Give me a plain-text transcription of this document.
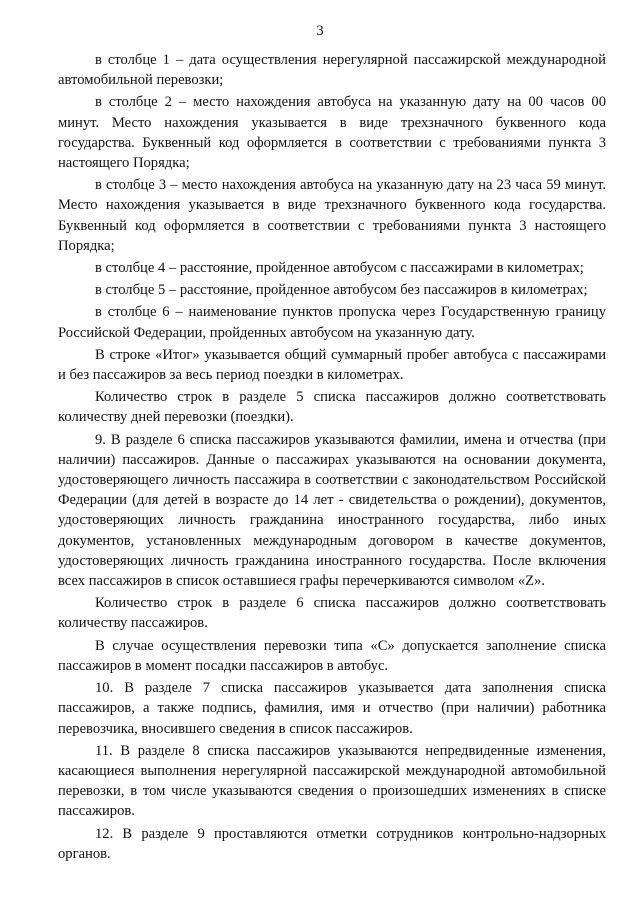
3

в столбце 1 – дата осуществления нерегулярной пассажирской международной автомобильной перевозки;

в столбце 2 – место нахождения автобуса на указанную дату на 00 часов 00 минут. Место нахождения указывается в виде трехзначного буквенного кода государства. Буквенный код оформляется в соответствии с требованиями пункта 3 настоящего Порядка;

в столбце 3 – место нахождения автобуса на указанную дату на 23 часа 59 минут. Место нахождения указывается в виде трехзначного буквенного кода государства. Буквенный код оформляется в соответствии с требованиями пункта 3 настоящего Порядка;

в столбце 4 – расстояние, пройденное автобусом с пассажирами в километрах;

в столбце 5 – расстояние, пройденное автобусом без пассажиров в километрах;

в столбце 6 – наименование пунктов пропуска через Государственную границу Российской Федерации, пройденных автобусом на указанную дату.

В строке «Итог» указывается общий суммарный пробег автобуса с пассажирами и без пассажиров за весь период поездки в километрах.

Количество строк в разделе 5 списка пассажиров должно соответствовать количеству дней перевозки (поездки).

9. В разделе 6 списка пассажиров указываются фамилии, имена и отчества (при наличии) пассажиров. Данные о пассажирах указываются на основании документа, удостоверяющего личность пассажира в соответствии с законодательством Российской Федерации (для детей в возрасте до 14 лет - свидетельства о рождении), документов, удостоверяющих личность гражданина иностранного государства, либо иных документов, установленных международным договором в качестве документов, удостоверяющих личность гражданина иностранного государства. После включения всех пассажиров в список оставшиеся графы перечеркиваются символом «Z».

Количество строк в разделе 6 списка пассажиров должно соответствовать количеству пассажиров.

В случае осуществления перевозки типа «С» допускается заполнение списка пассажиров в момент посадки пассажиров в автобус.

10. В разделе 7 списка пассажиров указывается дата заполнения списка пассажиров, а также подпись, фамилия, имя и отчество (при наличии) работника перевозчика, вносившего сведения в список пассажиров.

11. В разделе 8 списка пассажиров указываются непредвиденные изменения, касающиеся выполнения нерегулярной пассажирской международной автомобильной перевозки, в том числе указываются сведения о произошедших изменениях в списке пассажиров.

12. В разделе 9 проставляются отметки сотрудников контрольно-надзорных органов.
